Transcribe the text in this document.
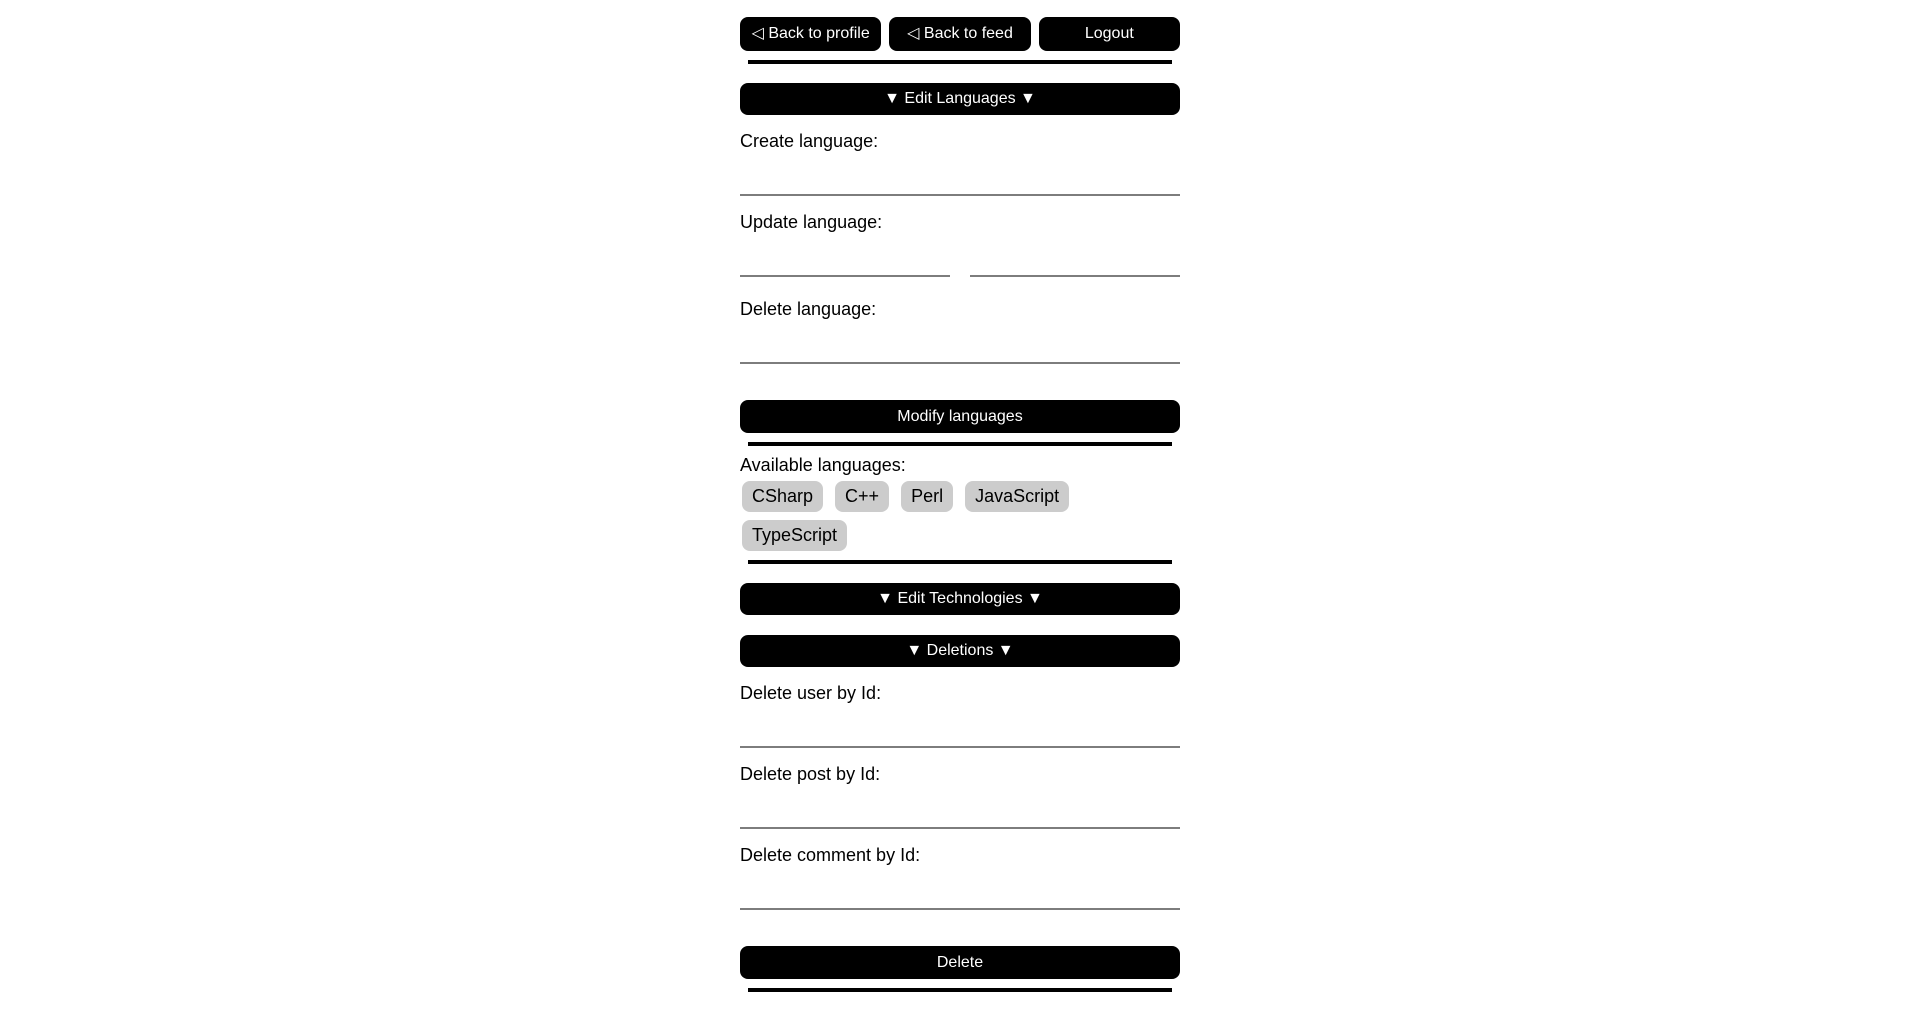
◁ Back to profile	◁ Back to feed	Logout
▼ Edit Languages ▼
Create language:
Update language:
Delete language:
Modify languages
Available languages:
CSharp	C++	Perl	JavaScript
TypeScript
▼ Edit Technologies ▼ ▼ Deletions ▼
Delete user by Id:
Delete post by Id:
Delete comment by Id:
Delete
